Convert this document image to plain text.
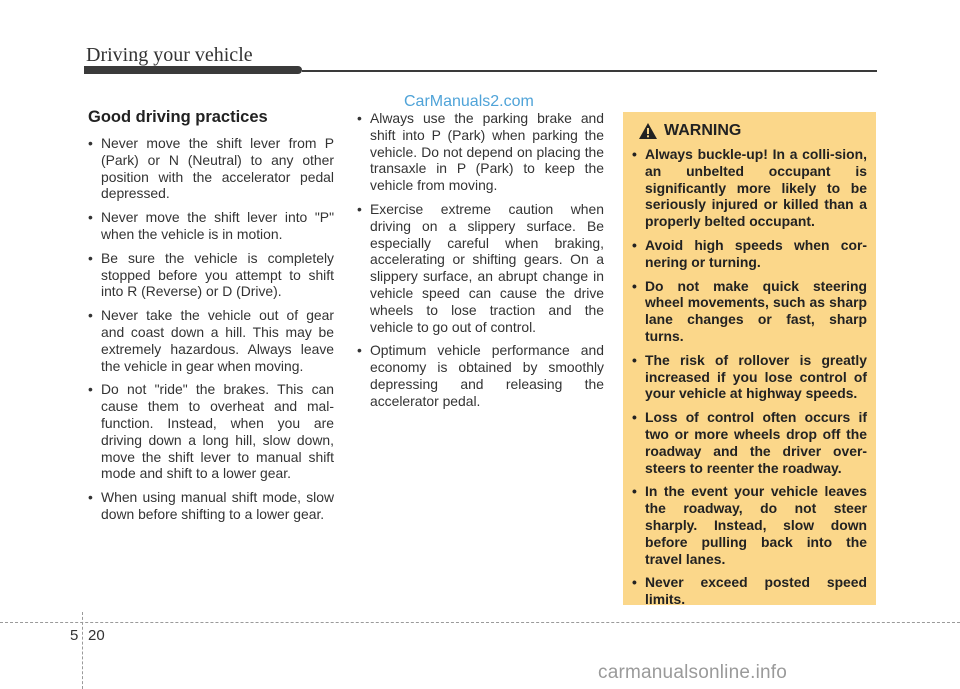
Driving your vehicle
CarManuals2.com
Good driving practices
• Never move the shift lever from P (Park) or N (Neutral) to any other position with the accelerator pedal depressed.
• Never move the shift lever into "P" when the vehicle is in motion.
• Be sure the vehicle is completely stopped before you attempt to shift into R (Reverse) or D (Drive).
• Never take the vehicle out of gear and coast down a hill. This may be extremely hazardous. Always leave the vehicle in gear when moving.
• Do not "ride" the brakes. This can cause them to overheat and mal-function. Instead, when you are driving down a long hill, slow down, move the shift lever to manual shift mode and shift to a lower gear.
• When using manual shift mode, slow down before shifting to a lower gear.
• Always use the parking brake and shift into P (Park) when parking the vehicle. Do not depend on placing the transaxle in P (Park) to keep the vehicle from moving.
• Exercise extreme caution when driving on a slippery surface. Be especially careful when braking, accelerating or shifting gears. On a slippery surface, an abrupt change in vehicle speed can cause the drive wheels to lose traction and the vehicle to go out of control.
• Optimum vehicle performance and economy is obtained by smoothly depressing and releasing the accelerator pedal.
WARNING
• Always buckle-up! In a colli-sion, an unbelted occupant is significantly more likely to be seriously injured or killed than a properly belted occupant.
• Avoid high speeds when cor-nering or turning.
• Do not make quick steering wheel movements, such as sharp lane changes or fast, sharp turns.
• The risk of rollover is greatly increased if you lose control of your vehicle at highway speeds.
• Loss of control often occurs if two or more wheels drop off the roadway and the driver over-steers to reenter the roadway.
• In the event your vehicle leaves the roadway, do not steer sharply. Instead, slow down before pulling back into the travel lanes.
• Never exceed posted speed limits.
5 20
carmanualsonline.info
